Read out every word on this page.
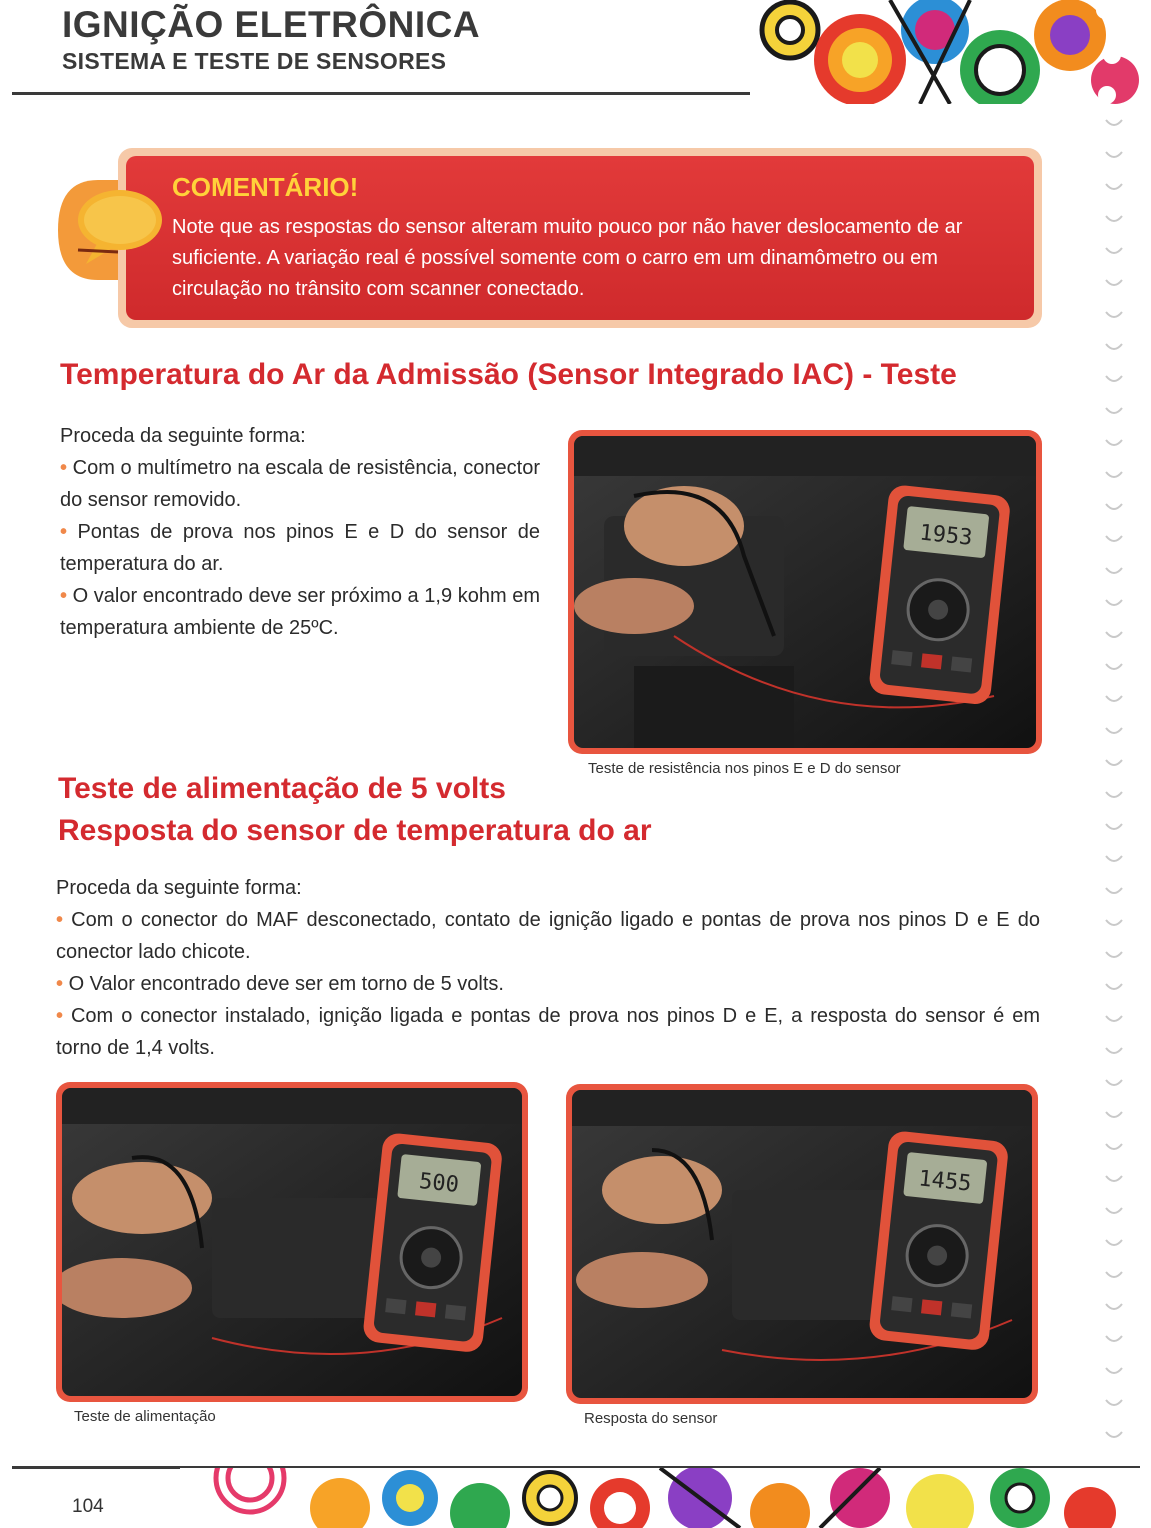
IGNIÇÃO ELETRÔNICA
SISTEMA E TESTE DE SENSORES
COMENTÁRIO!
Note que as respostas do sensor alteram muito pouco por não haver deslocamento de ar suficiente. A variação real é possível somente com o carro em um dinamômetro ou em circulação no trânsito com scanner conectado.
Temperatura do Ar da Admissão (Sensor Integrado IAC) - Teste
Proceda da seguinte forma:
• Com o multímetro na escala de resistência, conector do sensor removido.
• Pontas de prova nos pinos E e D do sensor de temperatura do ar.
• O valor encontrado deve ser próximo a 1,9 kohm em temperatura ambiente de 25ºC.
1953
Teste de resistência nos pinos E e D do sensor
Teste de alimentação de 5 volts
Resposta do sensor de temperatura do ar
Proceda da seguinte forma:
• Com o conector do MAF desconectado, contato de ignição ligado e pontas de prova nos pinos D e E do conector lado chicote.
• O Valor encontrado deve ser em torno de 5 volts.
• Com o conector instalado, ignição ligada e pontas de prova nos pinos D e E, a resposta do sensor é em torno de 1,4 volts.
500
Teste de alimentação
1455
Resposta do sensor
104
